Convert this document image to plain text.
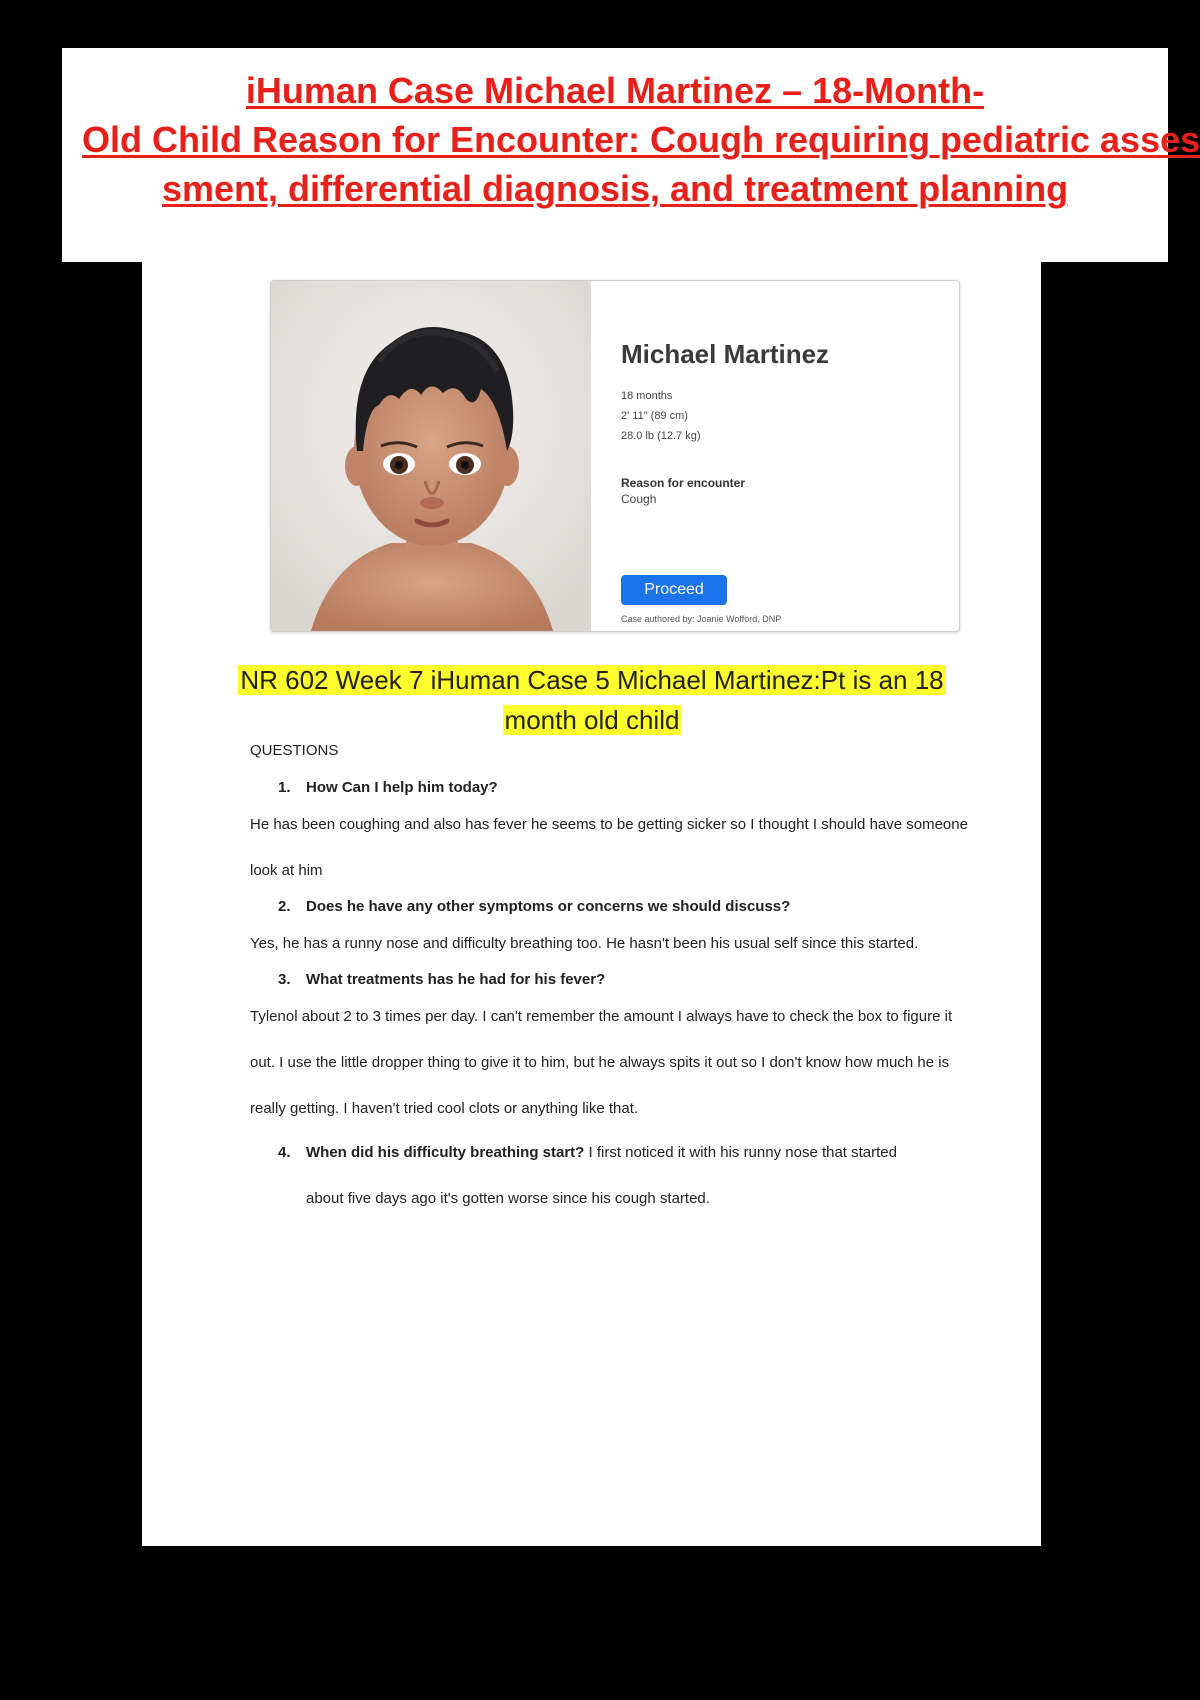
iHuman Case Michael Martinez – 18-Month-
Old Child Reason for Encounter: Cough requiring pediatric asses
sment, differential diagnosis, and treatment planning
Michael Martinez
18 months
2' 11" (89 cm)
28.0 lb (12.7 kg)
Reason for encounter
Cough
Proceed
Case authored by: Joanie Wofford, DNP
NR 602 Week 7 iHuman Case 5 Michael Martinez:Pt is an 18
month old child
QUESTIONS
1. How Can I help him today?
He has been coughing and also has fever he seems to be getting sicker so I thought I should have someone look at him
2. Does he have any other symptoms or concerns we should discuss?
Yes, he has a runny nose and difficulty breathing too. He hasn't been his usual self since this started.
3. What treatments has he had for his fever?
Tylenol about 2 to 3 times per day. I can't remember the amount I always have to check the box to figure it out. I use the little dropper thing to give it to him, but he always spits it out so I don't know how much he is really getting. I haven't tried cool clots or anything like that.
4. When did his difficulty breathing start? I first noticed it with his runny nose that started
about five days ago it's gotten worse since his cough started.
